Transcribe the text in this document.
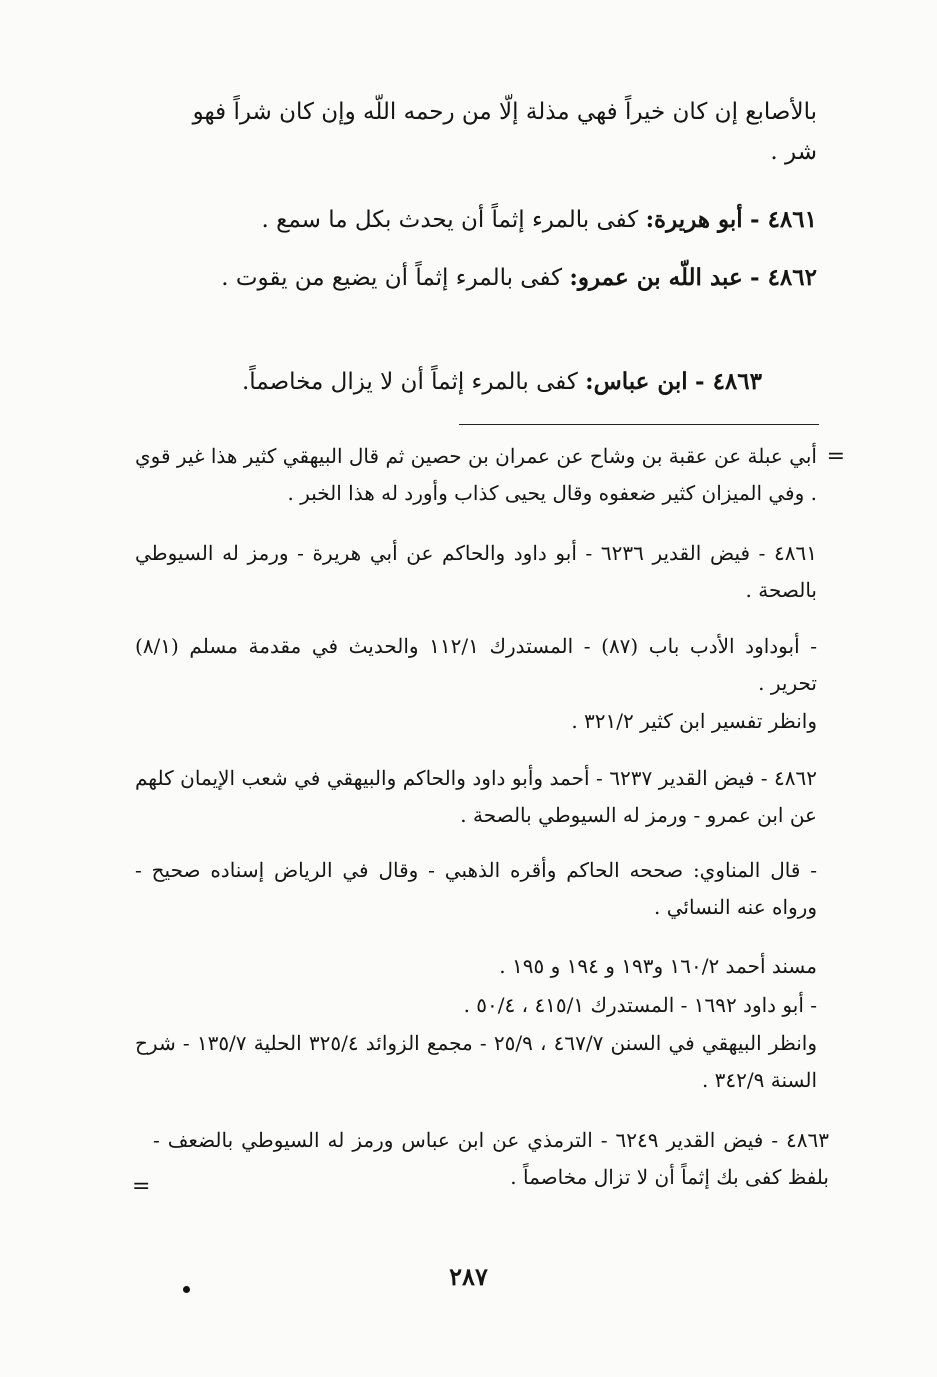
بالأصابع إن كان خيراً فهي مذلة إلّا من رحمه اللّه وإن كان شراً فهو
شر .

٤٨٦١ - أبو هريرة: كفى بالمرء إثماً أن يحدث بكل ما سمع .

٤٨٦٢ - عبد اللّه بن عمرو: كفى بالمرء إثماً أن يضيع من يقوت .

٤٨٦٣ - ابن عباس: كفى بالمرء إثماً أن لا يزال مخاصماً.

=

أبي عبلة عن عقبة بن وشاح عن عمران بن حصين ثم قال البيهقي كثير هذا غير قوي . وفي الميزان كثير ضعفوه وقال يحيى كذاب وأورد له هذا الخبر .

٤٨٦١ - فيض القدير ٦٢٣٦ - أبو داود والحاكم عن أبي هريرة - ورمز له السيوطي بالصحة .

- أبوداود الأدب باب (٨٧) - المستدرك ١١٢/١ والحديث في مقدمة مسلم (٨/١) تحرير .

وانظر تفسير ابن كثير ٣٢١/٢ .

٤٨٦٢ - فيض القدير ٦٢٣٧ - أحمد وأبو داود والحاكم والبيهقي في شعب الإيمان كلهم عن ابن عمرو - ورمز له السيوطي بالصحة .

- قال المناوي: صححه الحاكم وأقره الذهبي - وقال في الرياض إسناده صحيح - ورواه عنه النسائي .

مسند أحمد ١٦٠/٢ و١٩٣ و ١٩٤ و ١٩٥ .

- أبو داود ١٦٩٢ - المستدرك ٤١٥/١ ، ٥٠/٤ .

وانظر البيهقي في السنن ٤٦٧/٧ ، ٢٥/٩ - مجمع الزوائد ٣٢٥/٤ الحلية ١٣٥/٧ - شرح السنة ٣٤٢/٩ .

٤٨٦٣ - فيض القدير ٦٢٤٩ - الترمذي عن ابن عباس ورمز له السيوطي بالضعف - بلفظ كفى بك إثماً أن لا تزال مخاصماً .

=
٢٨٧
